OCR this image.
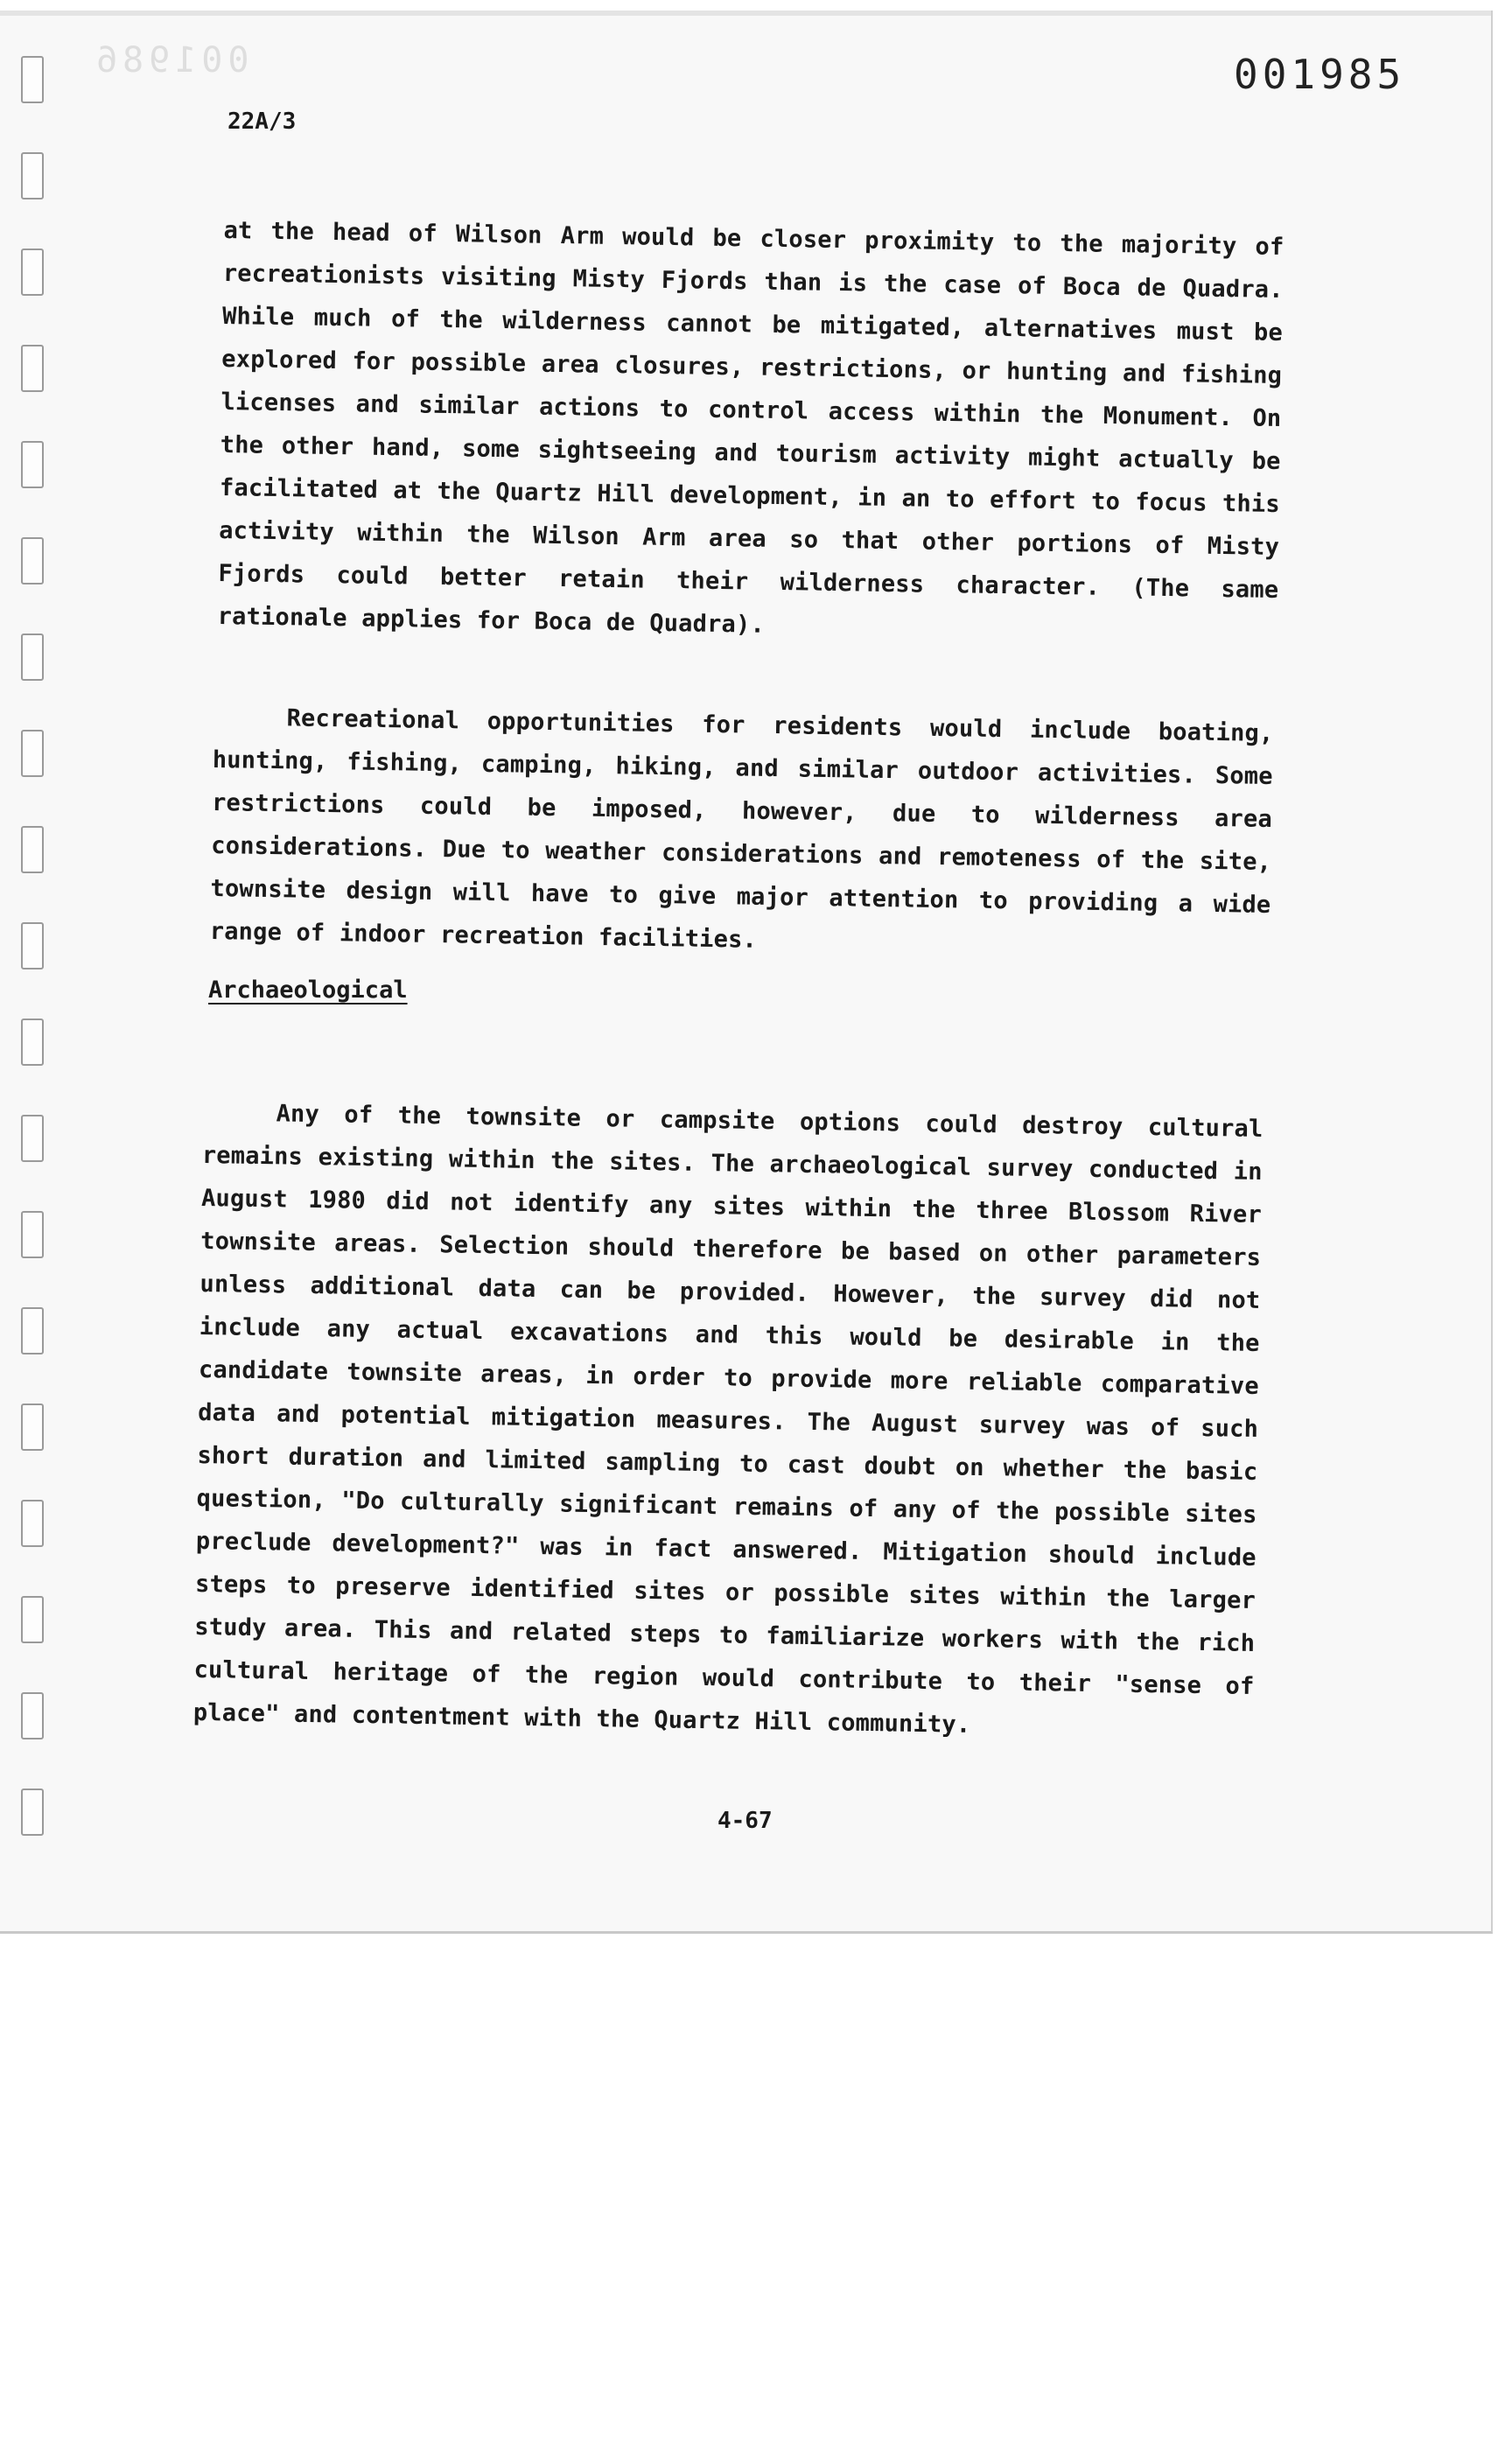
001986	001985
22A/3

at the head of Wilson Arm would be closer proximity to the majority of recreationists visiting Misty Fjords than is the case of Boca de Quadra. While much of the wilderness cannot be mitigated, alternatives must be explored for possible area closures, restrictions, or hunting and fishing licenses and similar actions to control access within the Monument. On the other hand, some sightseeing and tourism activity might actually be facilitated at the Quartz Hill development, in an to effort to focus this activity within the Wilson Arm area so that other portions of Misty Fjords could better retain their wilderness character. (The same rationale applies for Boca de Quadra).

Recreational opportunities for residents would include boating, hunting, fishing, camping, hiking, and similar outdoor activities. Some restrictions could be imposed, however, due to wilderness area considerations. Due to weather considerations and remoteness of the site, townsite design will have to give major attention to providing a wide range of indoor recreation facilities.

Archaeological

Any of the townsite or campsite options could destroy cultural remains existing within the sites. The archaeological survey conducted in August 1980 did not identify any sites within the three Blossom River townsite areas. Selection should therefore be based on other parameters unless additional data can be provided. However, the survey did not include any actual excavations and this would be desirable in the candidate townsite areas, in order to provide more reliable comparative data and potential mitigation measures. The August survey was of such short duration and limited sampling to cast doubt on whether the basic question, "Do culturally significant remains of any of the possible sites preclude development?" was in fact answered. Mitigation should include steps to preserve identified sites or possible sites within the larger study area. This and related steps to familiarize workers with the rich cultural heritage of the region would contribute to their "sense of place" and contentment with the Quartz Hill community.

4-67
